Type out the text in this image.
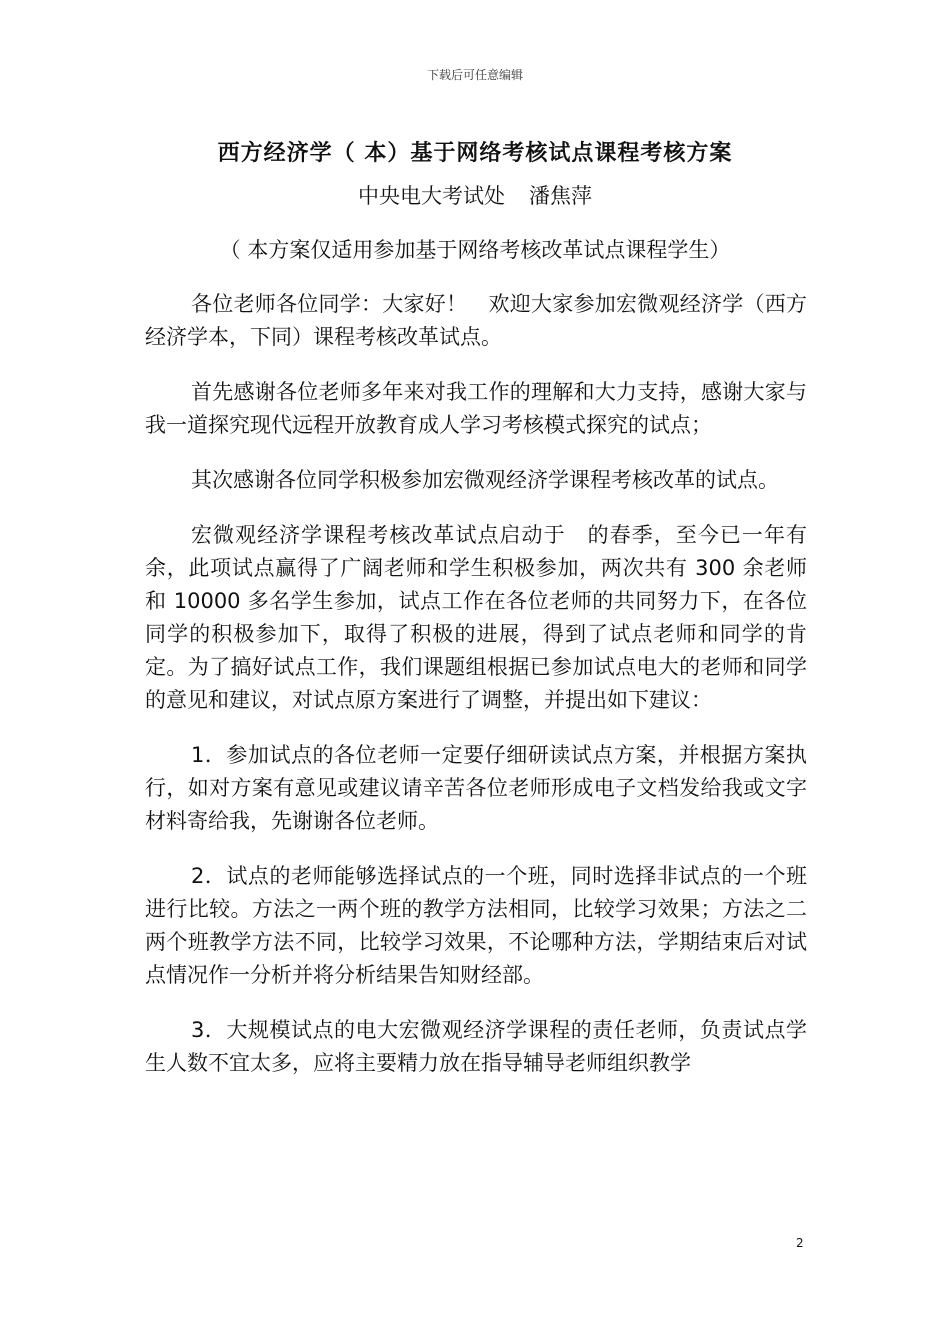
下载后可任意编辑
西方经济学（ 本）基于网络考核试点课程考核方案
中央电大考试处 潘焦萍
（ 本方案仅适用参加基于网络考核改革试点课程学生）

各位老师各位同学：大家好！　欢迎大家参加宏微观经济学（西方经济学本，下同）课程考核改革试点。

首先感谢各位老师多年来对我工作的理解和大力支持，感谢大家与我一道探究现代远程开放教育成人学习考核模式探究的试点；

其次感谢各位同学积极参加宏微观经济学课程考核改革的试点。

宏微观经济学课程考核改革试点启动于　的春季，至今已一年有余，此项试点赢得了广阔老师和学生积极参加，两次共有 300 余老师和 10000 多名学生参加，试点工作在各位老师的共同努力下，在各位同学的积极参加下，取得了积极的进展，得到了试点老师和同学的肯定。为了搞好试点工作，我们课题组根据已参加试点电大的老师和同学的意见和建议，对试点原方案进行了调整，并提出如下建议：

1．参加试点的各位老师一定要仔细研读试点方案，并根据方案执行，如对方案有意见或建议请辛苦各位老师形成电子文档发给我或文字材料寄给我，先谢谢各位老师。

2．试点的老师能够选择试点的一个班，同时选择非试点的一个班进行比较。方法之一两个班的教学方法相同，比较学习效果；方法之二两个班教学方法不同，比较学习效果，不论哪种方法，学期结束后对试点情况作一分析并将分析结果告知财经部。

3．大规模试点的电大宏微观经济学课程的责任老师，负责试点学生人数不宜太多，应将主要精力放在指导辅导老师组织教学

2
